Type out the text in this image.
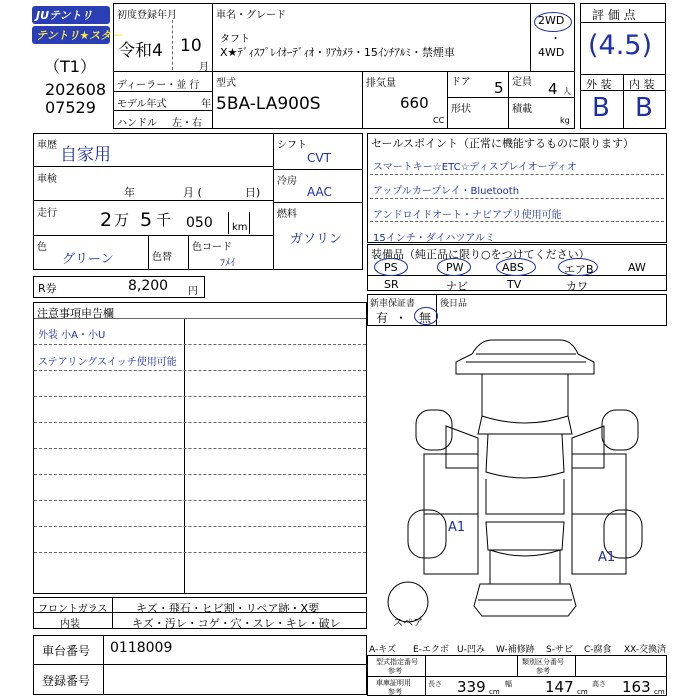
JUテントリ
テントリ★スター
（T1）
202608
07529
初度登録年月
令和4 10
月
車名・グレード
タフト
X★ﾃﾞｨｽﾌﾟﾚｲｵｰﾃﾞｨｵ・ﾘｱｶﾒﾗ・15ｲﾝﾁｱﾙﾐ・禁煙車
2WD
・
4WD
ディーラー・並 行
モデル年式	年
ハンドル 左・右
型式
5BA-LA900S
排気量
660
CC
ドア 5 定員 4 人
形状	積載
kg
評 価 点
(4.5)
外 装 内 装
B B
車歴 自家用
車検
年	月 (	日)
走行 2 万 5 千 050 km
色
グリーン	色替
色コード
ﾌﾒｲ
シフト
CVT
冷房
AAC
燃料
ガソリン
R券	8,200 円
セールスポイント（正常に機能するものに限ります）
スマートキー☆ETC☆ディスプレイオーディオ
アップルカープレイ・Bluetooth
アンドロイドオート・ナビアプリ使用可能
15インチ・ダイハツアルミ
装備品（純正品に限り○をつけてください）
PS	PW	ABS	エアB	AW
SR	ナビ	TV	カワ
新車保証書
有 ・ 無
後日品
注意事項申告欄
外装 小A・小U
ステアリングスイッチ使用可能
A1
A1
スペア
フロントガラス	キズ・飛石・ヒビ割・リペア跡・X要
内装	キズ・汚レ・コゲ・穴・スレ・キレ・破レ
車台番号 0118009
登録番号
A-キズ E-エクボ U-凹み W-補修跡 S-サビ C-腐食 XX-交換済
型式指定番号
参考
類別区分番号
参考
車庫証明用
参考
長さ 339 cm
幅 147 cm
高さ 163 cm
